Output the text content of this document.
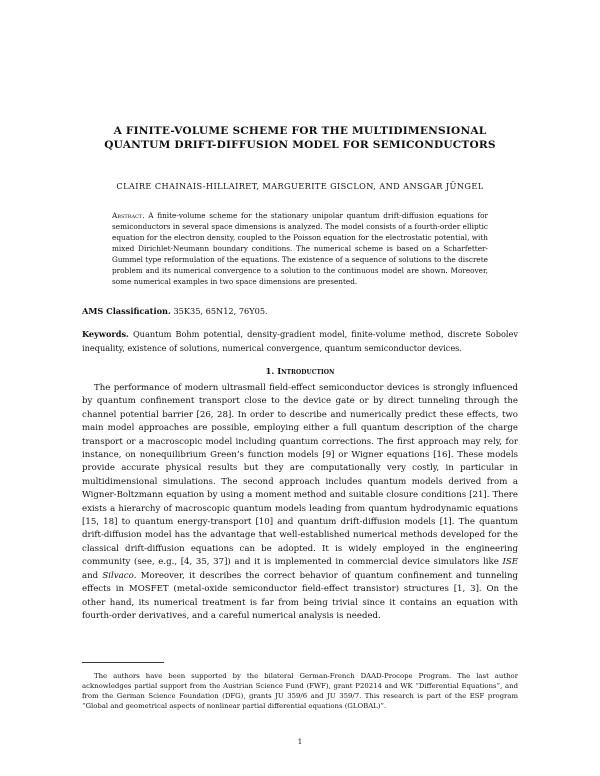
A FINITE-VOLUME SCHEME FOR THE MULTIDIMENSIONAL
QUANTUM DRIFT-DIFFUSION MODEL FOR SEMICONDUCTORS

CLAIRE CHAINAIS-HILLAIRET, MARGUERITE GISCLON, AND ANSGAR JÜNGEL

Abstract. A finite-volume scheme for the stationary unipolar quantum drift-diffusion equations for semiconductors in several space dimensions is analyzed. The model consists of a fourth-order elliptic equation for the electron density, coupled to the Poisson equation for the electrostatic potential, with mixed Dirichlet-Neumann boundary conditions. The numerical scheme is based on a Scharfetter-Gummel type reformulation of the equations. The existence of a sequence of solutions to the discrete problem and its numerical convergence to a solution to the continuous model are shown. Moreover, some numerical examples in two space dimensions are presented.

AMS Classification. 35K35, 65N12, 76Y05.

Keywords. Quantum Bohm potential, density-gradient model, finite-volume method, discrete Sobolev inequality, existence of solutions, numerical convergence, quantum semiconductor devices.

1. Introduction

The performance of modern ultrasmall field-effect semiconductor devices is strongly influenced by quantum confinement transport close to the device gate or by direct tunneling through the channel potential barrier [26, 28]. In order to describe and numerically predict these effects, two main model approaches are possible, employing either a full quantum description of the charge transport or a macroscopic model including quantum corrections. The first approach may rely, for instance, on nonequilibrium Green’s function models [9] or Wigner equations [16]. These models provide accurate physical results but they are computationally very costly, in particular in multidimensional simulations. The second approach includes quantum models derived from a Wigner-Boltzmann equation by using a moment method and suitable closure conditions [21]. There exists a hierarchy of macroscopic quantum models leading from quantum hydrodynamic equations [15, 18] to quantum energy-transport [10] and quantum drift-diffusion models [1]. The quantum drift-diffusion model has the advantage that well-established numerical methods developed for the classical drift-diffusion equations can be adopted. It is widely employed in the engineering community (see, e.g., [4, 35, 37]) and it is implemented in commercial device simulators like ISE and Silvaco. Moreover, it describes the correct behavior of quantum confinement and tunneling effects in MOSFET (metal-oxide semiconductor field-effect transistor) structures [1, 3]. On the other hand, its numerical treatment is far from being trivial since it contains an equation with fourth-order derivatives, and a careful numerical analysis is needed.

The authors have been supported by the bilateral German-French DAAD-Procope Program. The last author acknowledges partial support from the Austrian Science Fund (FWF), grant P20214 and WK “Differential Equations”, and from the German Science Foundation (DFG), grants JU 359/6 and JU 359/7. This research is part of the ESF program “Global and geometrical aspects of nonlinear partial differential equations (GLOBAL)”.

1
